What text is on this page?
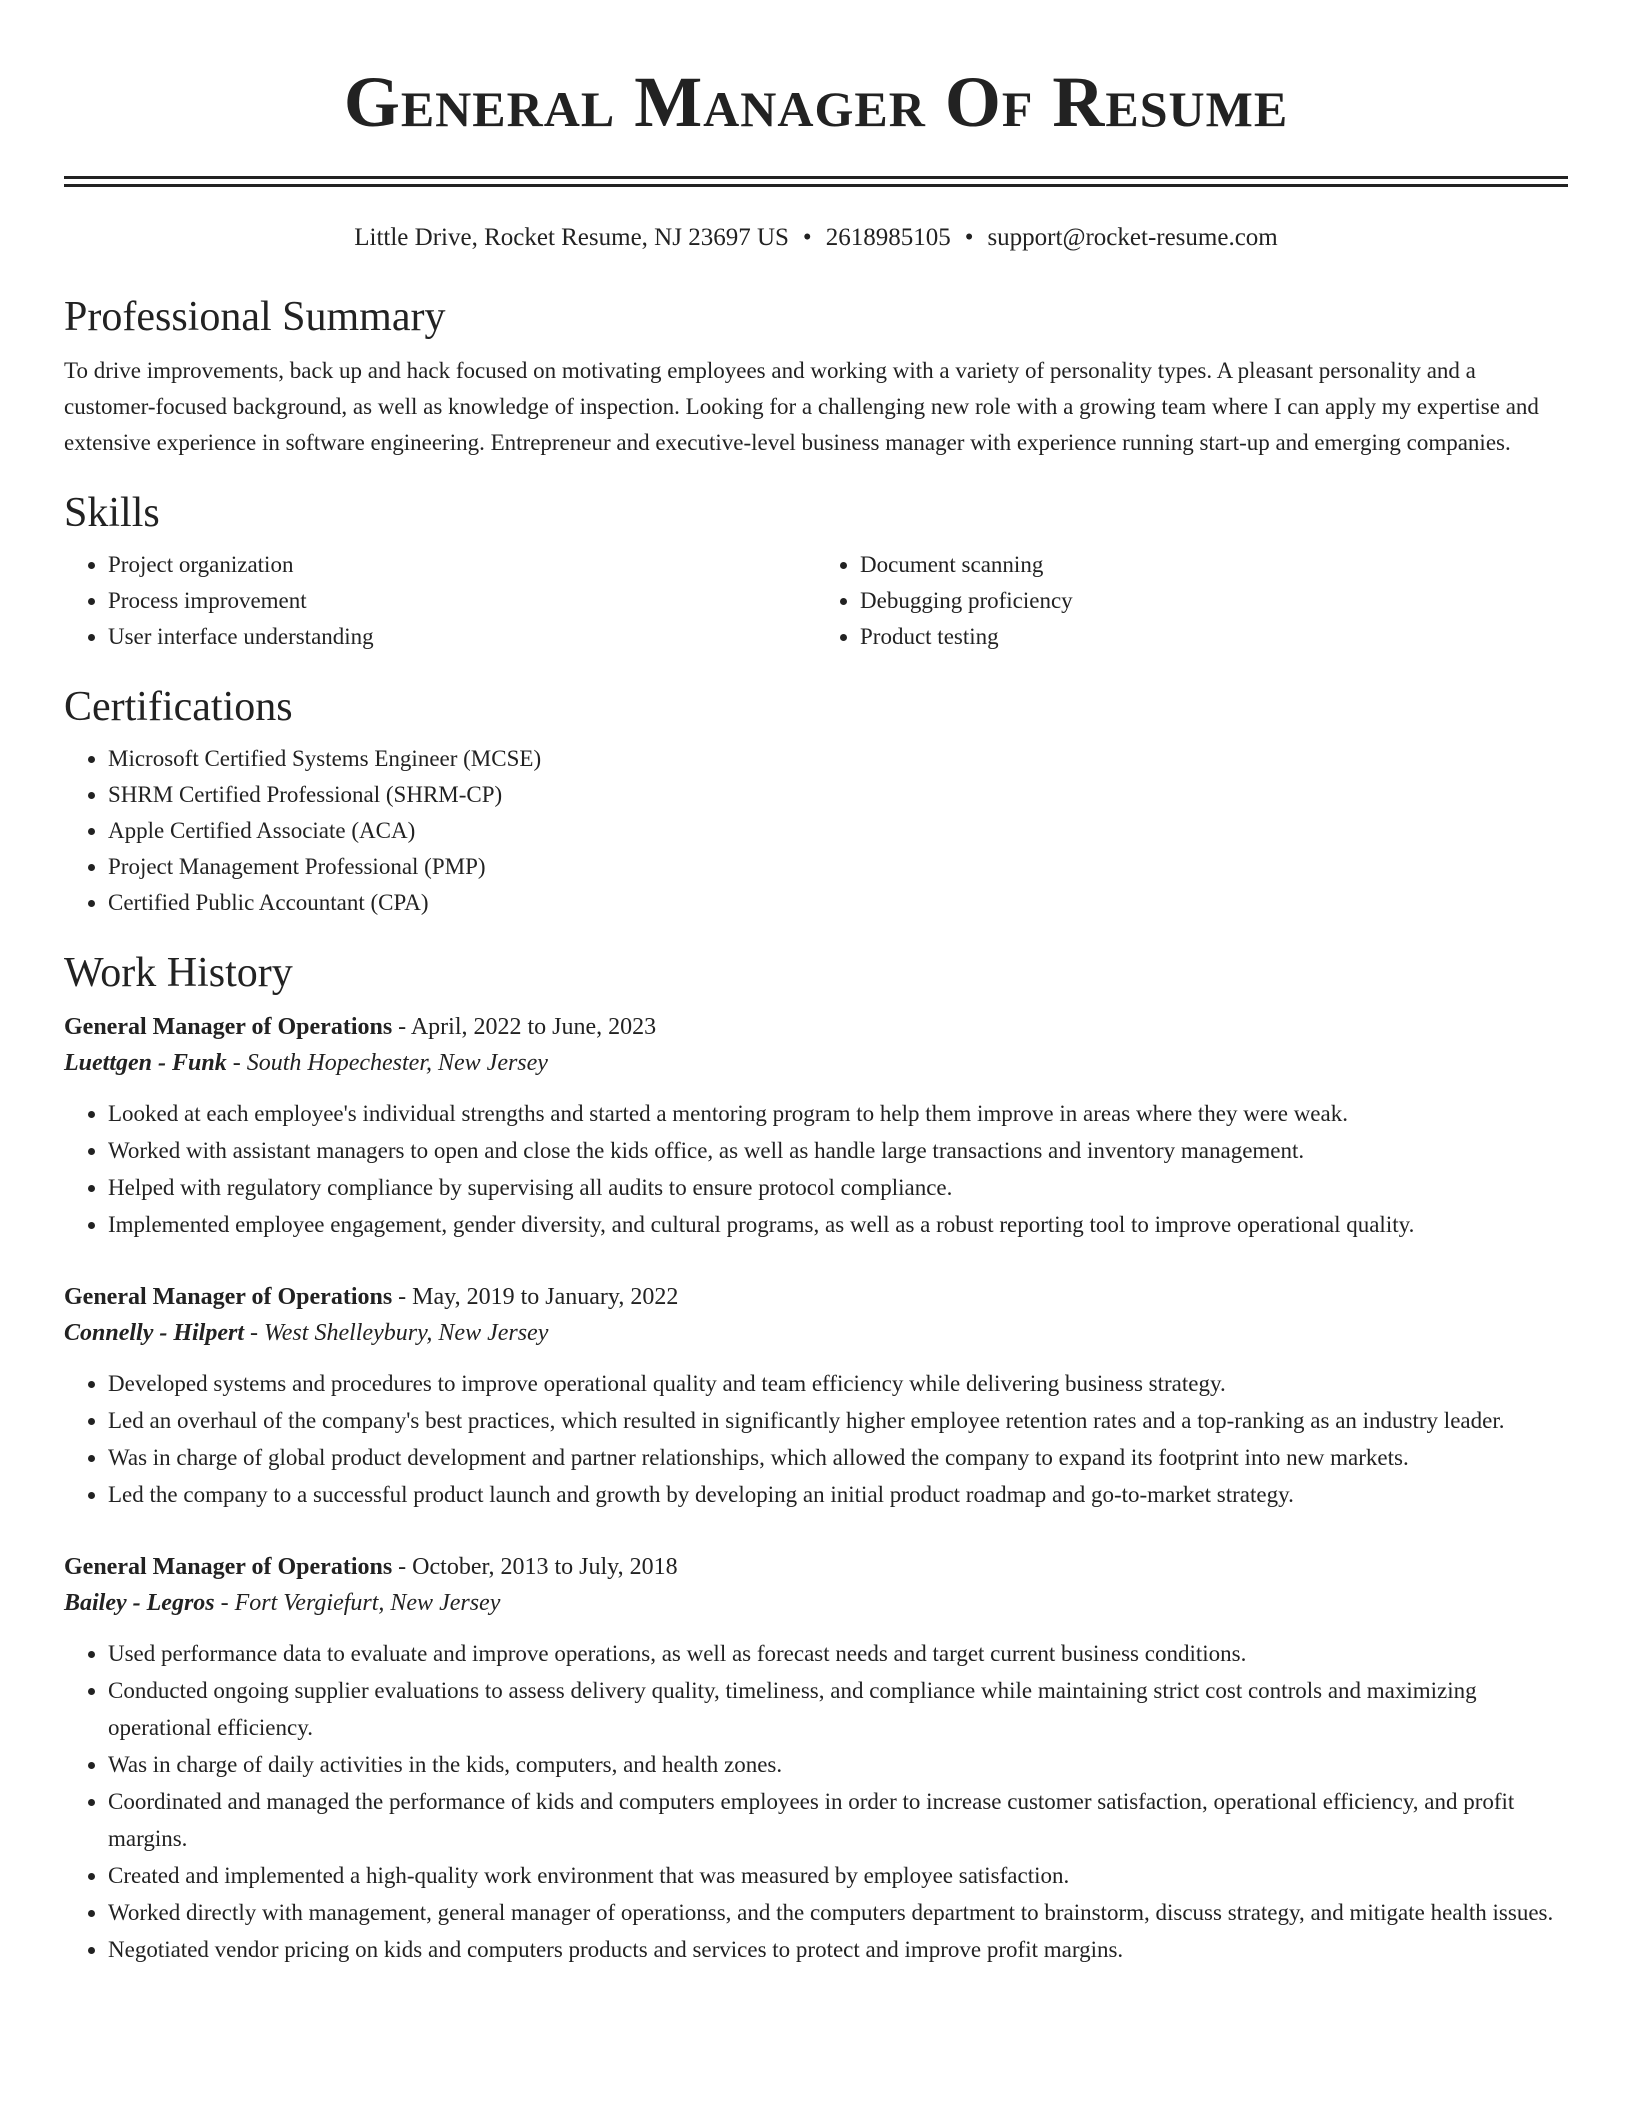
General Manager Of Resume
Little Drive, Rocket Resume, NJ 23697 US • 2618985105 • support@rocket-resume.com
Professional Summary

To drive improvements, back up and hack focused on motivating employees and working with a variety of personality types. A pleasant personality and a customer-focused background, as well as knowledge of inspection. Looking for a challenging new role with a growing team where I can apply my expertise and extensive experience in software engineering. Entrepreneur and executive-level business manager with experience running start-up and emerging companies.

Skills
• Project organization
• Process improvement
• User interface understanding
• Document scanning
• Debugging proficiency
• Product testing
Certifications
• Microsoft Certified Systems Engineer (MCSE)
• SHRM Certified Professional (SHRM-CP)
• Apple Certified Associate (ACA)
• Project Management Professional (PMP)
• Certified Public Accountant (CPA)
Work History
General Manager of Operations - April, 2022 to June, 2023
Luettgen - Funk - South Hopechester, New Jersey
• Looked at each employee's individual strengths and started a mentoring program to help them improve in areas where they were weak.
• Worked with assistant managers to open and close the kids office, as well as handle large transactions and inventory management.
• Helped with regulatory compliance by supervising all audits to ensure protocol compliance.
• Implemented employee engagement, gender diversity, and cultural programs, as well as a robust reporting tool to improve operational quality.
General Manager of Operations - May, 2019 to January, 2022
Connelly - Hilpert - West Shelleybury, New Jersey
• Developed systems and procedures to improve operational quality and team efficiency while delivering business strategy.
• Led an overhaul of the company's best practices, which resulted in significantly higher employee retention rates and a top-ranking as an industry leader.
• Was in charge of global product development and partner relationships, which allowed the company to expand its footprint into new markets.
• Led the company to a successful product launch and growth by developing an initial product roadmap and go-to-market strategy.
General Manager of Operations - October, 2013 to July, 2018
Bailey - Legros - Fort Vergiefurt, New Jersey
• Used performance data to evaluate and improve operations, as well as forecast needs and target current business conditions.
• Conducted ongoing supplier evaluations to assess delivery quality, timeliness, and compliance while maintaining strict cost controls and maximizing operational efficiency.
• Was in charge of daily activities in the kids, computers, and health zones.
• Coordinated and managed the performance of kids and computers employees in order to increase customer satisfaction, operational efficiency, and profit margins.
• Created and implemented a high-quality work environment that was measured by employee satisfaction.
• Worked directly with management, general manager of operationss, and the computers department to brainstorm, discuss strategy, and mitigate health issues.
• Negotiated vendor pricing on kids and computers products and services to protect and improve profit margins.
